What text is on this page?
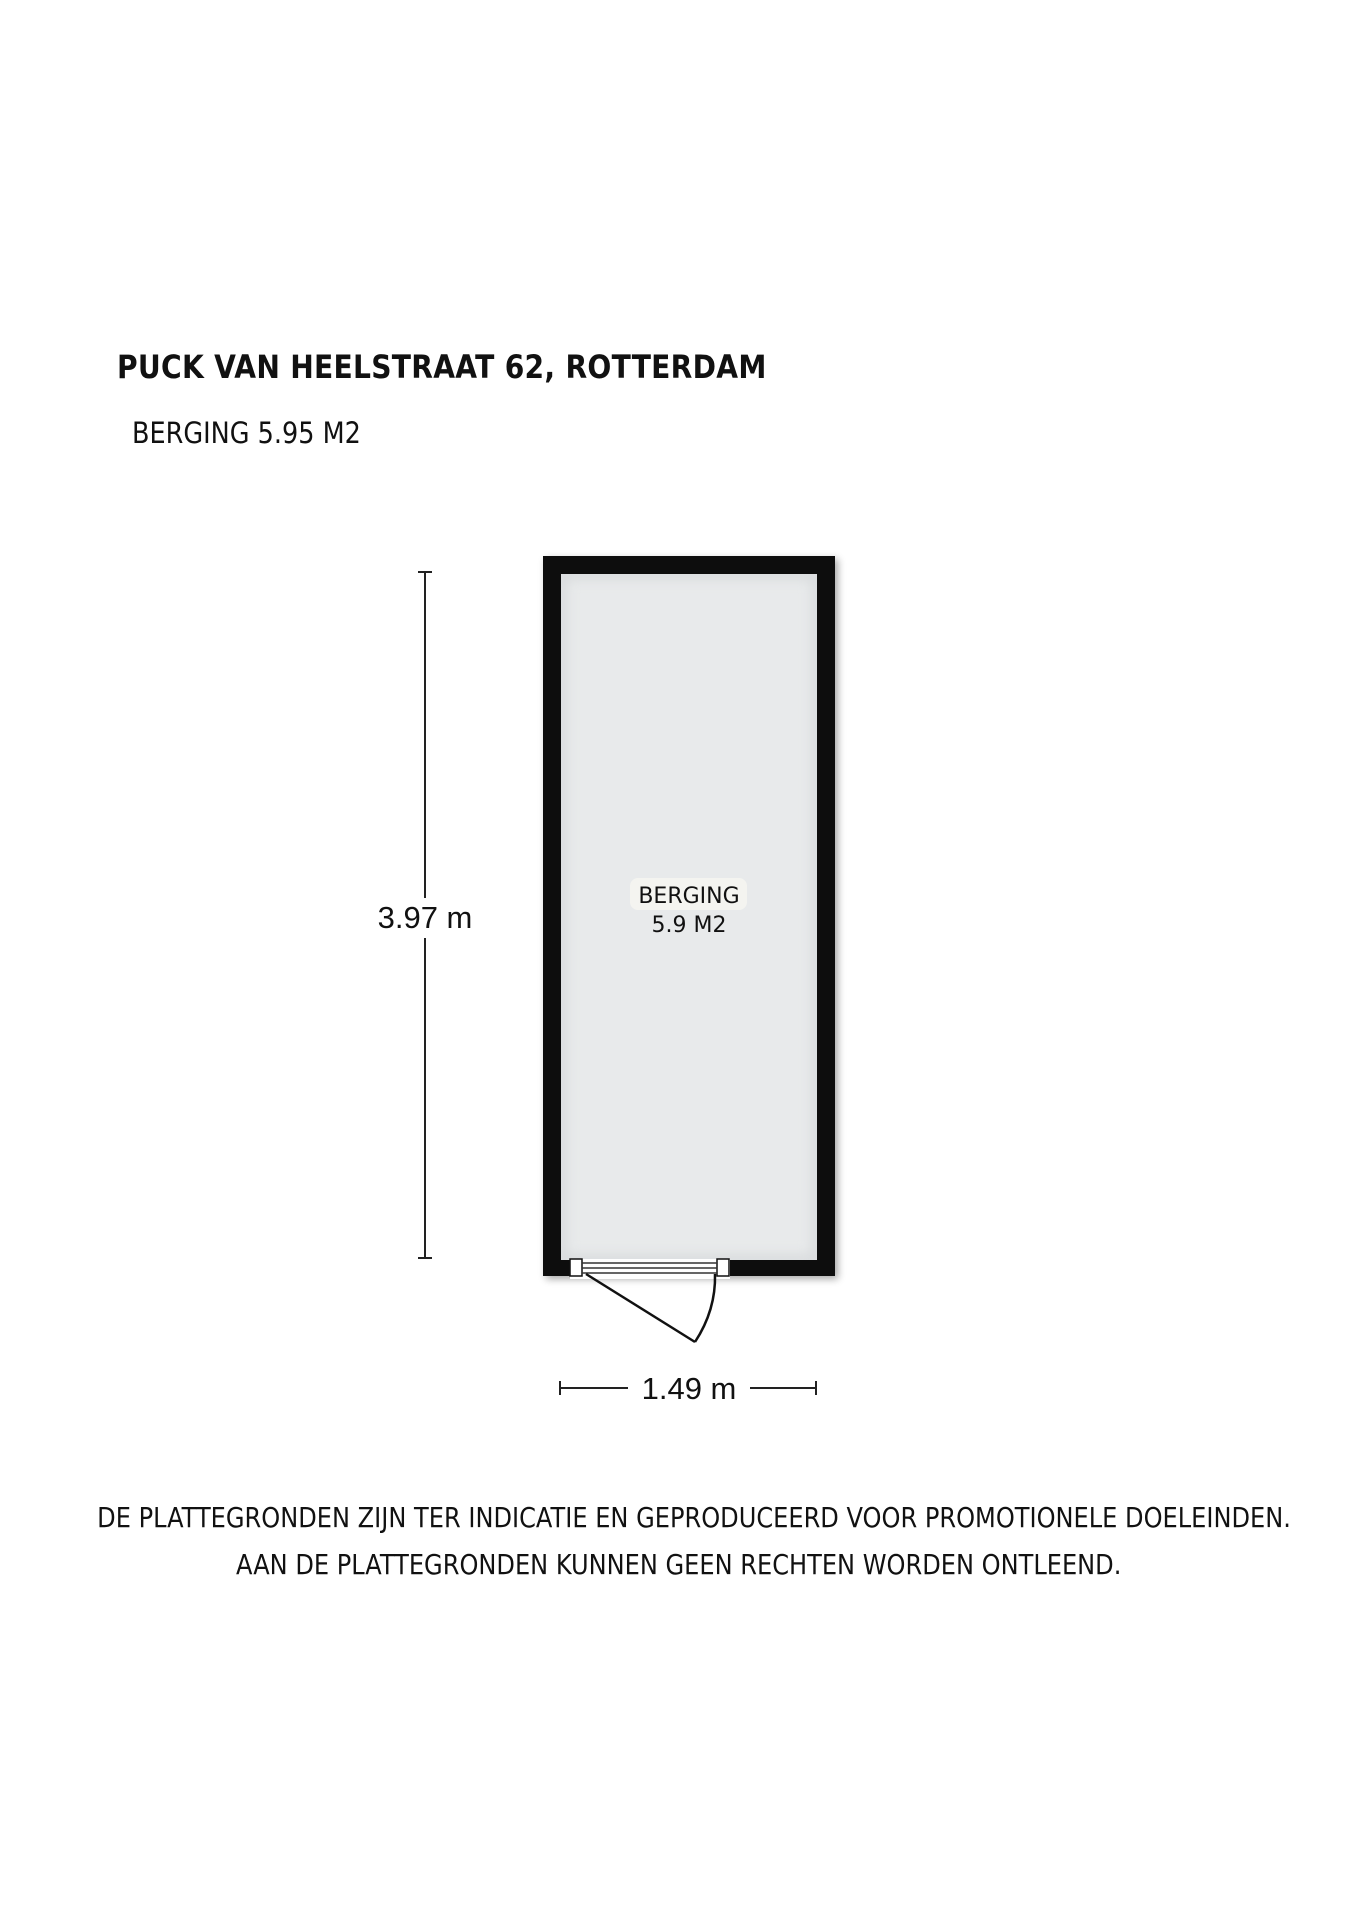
PUCK VAN HEELSTRAAT 62, ROTTERDAM
BERGING 5.95 M2
BERGING
5.9 M2
3.97 m
1.49 m
DE PLATTEGRONDEN ZIJN TER INDICATIE EN GEPRODUCEERD VOOR PROMOTIONELE DOELEINDEN.
AAN DE PLATTEGRONDEN KUNNEN GEEN RECHTEN WORDEN ONTLEEND.
